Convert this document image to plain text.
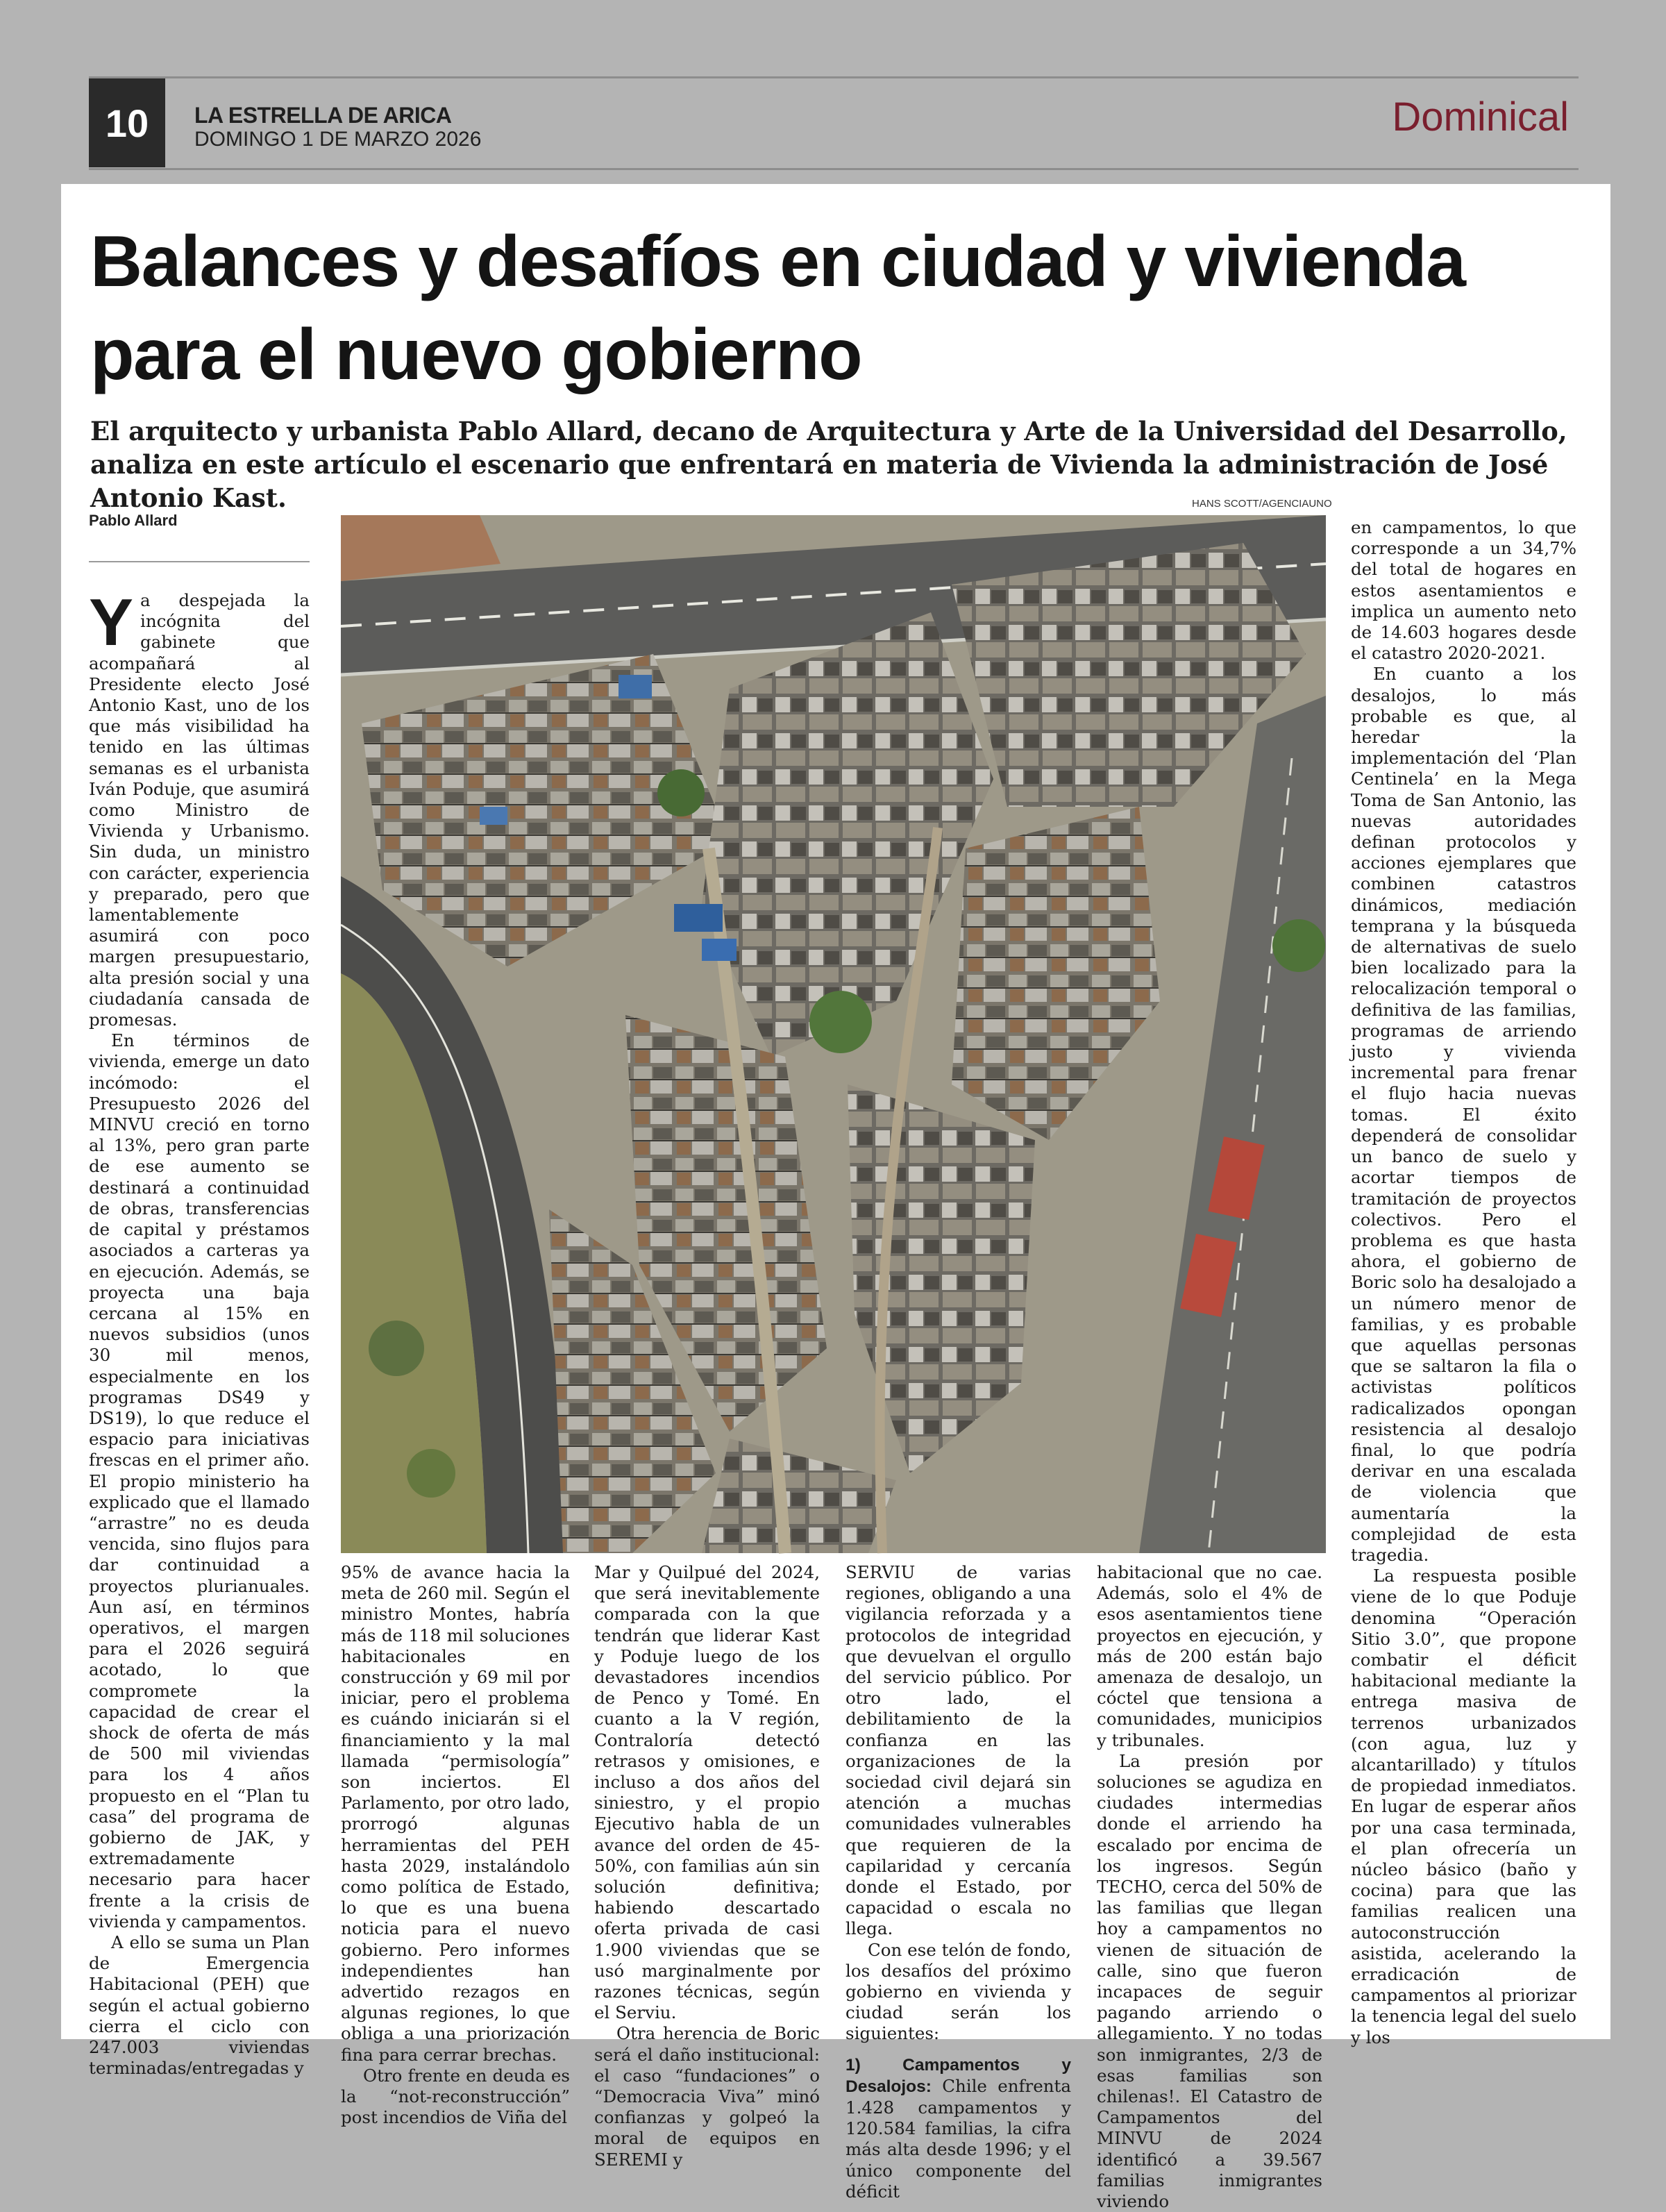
10	LA ESTRELLA DE ARICA
DOMINGO 1 DE MARZO 2026	Dominical
Balances y desafíos en ciudad y vivienda para el nuevo gobierno

El arquitecto y urbanista Pablo Allard, decano de Arquitectura y Arte de la Universidad del Desarrollo, analiza en este artículo el escenario que enfrentará en materia de Vivienda la administración de José Antonio Kast.

Pablo Allard
HANS SCOTT/AGENCIAUNO

Ya despejada la incógnita del gabinete que acompañará al Presidente electo José Antonio Kast, uno de los que más visibilidad ha tenido en las últimas semanas es el urbanista Iván Poduje, que asumirá como Ministro de Vivienda y Urbanismo. Sin duda, un ministro con carácter, experiencia y preparado, pero que lamentablemente asumirá con poco margen presupuestario, alta presión social y una ciudadanía cansada de promesas.

En términos de vivienda, emerge un dato incómodo: el Presupuesto 2026 del MINVU creció en torno al 13%, pero gran parte de ese aumento se destinará a continuidad de obras, transferencias de capital y préstamos asociados a carteras ya en ejecución. Además, se proyecta una baja cercana al 15% en nuevos subsidios (unos 30 mil menos, especialmente en los programas DS49 y DS19), lo que reduce el espacio para iniciativas frescas en el primer año. El propio ministerio ha explicado que el llamado “arrastre” no es deuda vencida, sino flujos para dar continuidad a proyectos plurianuales. Aun así, en términos operativos, el margen para el 2026 seguirá acotado, lo que compromete la capacidad de crear el shock de oferta de más de 500 mil viviendas para los 4 años propuesto en el “Plan tu casa” del programa de gobierno de JAK, y extremadamente necesario para hacer frente a la crisis de vivienda y campamentos.

A ello se suma un Plan de Emergencia Habitacional (PEH) que según el actual gobierno cierra el ciclo con 247.003 viviendas terminadas/entregadas y

95% de avance hacia la meta de 260 mil. Según el ministro Montes, habría más de 118 mil soluciones habitacionales en construcción y 69 mil por iniciar, pero el problema es cuándo iniciarán si el financiamiento y la mal llamada “permisología” son inciertos. El Parlamento, por otro lado, prorrogó algunas herramientas del PEH hasta 2029, instalándolo como política de Estado, lo que es una buena noticia para el nuevo gobierno. Pero informes independientes han advertido rezagos en algunas regiones, lo que obliga a una priorización fina para cerrar brechas.

Otro frente en deuda es la “not-reconstrucción” post incendios de Viña del

Mar y Quilpué del 2024, que será inevitablemente comparada con la que tendrán que liderar Kast y Poduje luego de los devastadores incendios de Penco y Tomé. En cuanto a la V región, Contraloría detectó retrasos y omisiones, e incluso a dos años del siniestro, y el propio Ejecutivo habla de un avance del orden de 45-50%, con familias aún sin solución definitiva; habiendo descartado oferta privada de casi 1.900 viviendas que se usó marginalmente por razones técnicas, según el Serviu.

Otra herencia de Boric será el daño institucional: el caso “fundaciones” o “Democracia Viva” minó confianzas y golpeó la moral de equipos en SEREMI y

SERVIU de varias regiones, obligando a una vigilancia reforzada y a protocolos de integridad que devuelvan el orgullo del servicio público. Por otro lado, el debilitamiento de la confianza en las organizaciones de la sociedad civil dejará sin atención a muchas comunidades vulnerables que requieren de la capilaridad y cercanía donde el Estado, por capacidad o escala no llega.

Con ese telón de fondo, los desafíos del próximo gobierno en vivienda y ciudad serán los siguientes:

1) Campamentos y Desalojos: Chile enfrenta 1.428 campamentos y 120.584 familias, la cifra más alta desde 1996; y el único componente del déficit

habitacional que no cae. Además, solo el 4% de esos asentamientos tiene proyectos en ejecución, y más de 200 están bajo amenaza de desalojo, un cóctel que tensiona a comunidades, municipios y tribunales.

La presión por soluciones se agudiza en ciudades intermedias donde el arriendo ha escalado por encima de los ingresos. Según TECHO, cerca del 50% de las familias que llegan hoy a campamentos no vienen de situación de calle, sino que fueron incapaces de seguir pagando arriendo o allegamiento. Y no todas son inmigrantes, 2/3 de esas familias son chilenas!. El Catastro de Campamentos del MINVU de 2024 identificó a 39.567 familias inmigrantes viviendo

en campamentos, lo que corresponde a un 34,7% del total de hogares en estos asentamientos e implica un aumento neto de 14.603 hogares desde el catastro 2020-2021.

En cuanto a los desalojos, lo más probable es que, al heredar la implementación del ‘Plan Centinela’ en la Mega Toma de San Antonio, las nuevas autoridades definan protocolos y acciones ejemplares que combinen catastros dinámicos, mediación temprana y la búsqueda de alternativas de suelo bien localizado para la relocalización temporal o definitiva de las familias, programas de arriendo justo y vivienda incremental para frenar el flujo hacia nuevas tomas. El éxito dependerá de consolidar un banco de suelo y acortar tiempos de tramitación de proyectos colectivos. Pero el problema es que hasta ahora, el gobierno de Boric solo ha desalojado a un número menor de familias, y es probable que aquellas personas que se saltaron la fila o activistas políticos radicalizados opongan resistencia al desalojo final, lo que podría derivar en una escalada de violencia que aumentaría la complejidad de esta tragedia.

La respuesta posible viene de lo que Poduje denomina “Operación Sitio 3.0”, que propone combatir el déficit habitacional mediante la entrega masiva de terrenos urbanizados (con agua, luz y alcantarillado) y títulos de propiedad inmediatos. En lugar de esperar años por una casa terminada, el plan ofrecería un núcleo básico (baño y cocina) para que las familias realicen una autoconstrucción asistida, acelerando la erradicación de campamentos al priorizar la tenencia legal del suelo y los
